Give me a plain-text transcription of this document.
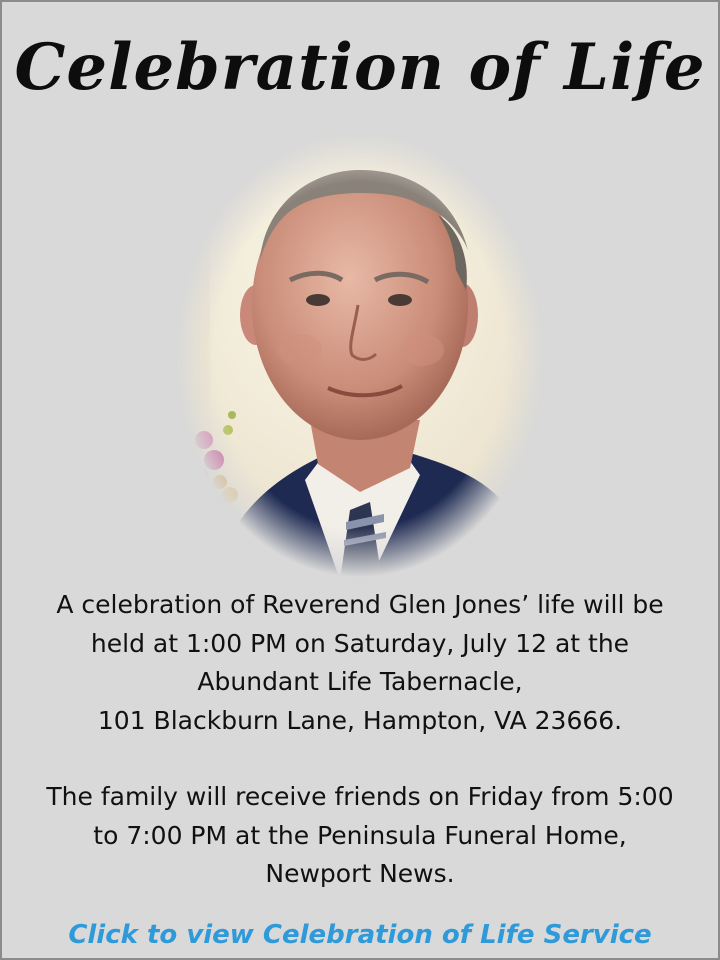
Celebration of Life

A celebration of Reverend Glen Jones’ life will be
held at 1:00 PM on Saturday, July 12 at the
Abundant Life Tabernacle,
101 Blackburn Lane, Hampton, VA 23666.

The family will receive friends on Friday from 5:00
to 7:00 PM at the Peninsula Funeral Home,
Newport News.

Click to view Celebration of Life Service
